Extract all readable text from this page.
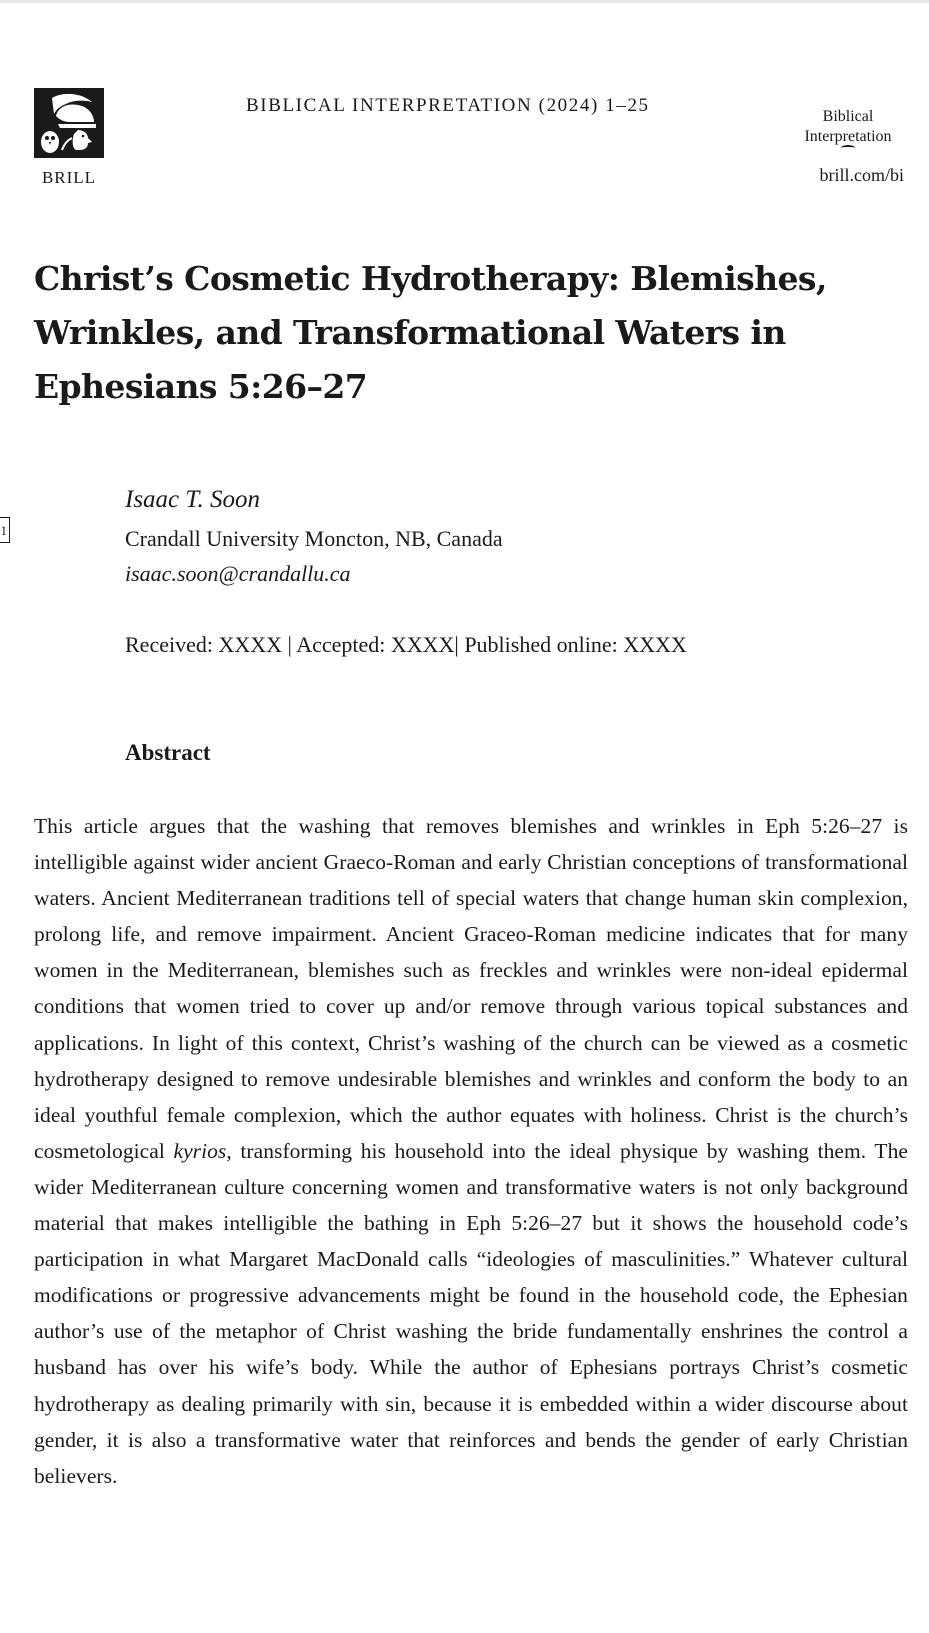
BRILL
BIBLICAL INTERPRETATION (2024) 1–25
Biblical
Interpretation
brill.com/bi
Christ’s Cosmetic Hydrotherapy: Blemishes, Wrinkles, and Transformational Waters in Ephesians 5:26–27
1
Isaac T. Soon
Crandall University Moncton, NB, Canada
isaac.soon@crandallu.ca
Received: XXXX | Accepted: XXXX| Published online: XXXX
Abstract

This article argues that the washing that removes blemishes and wrinkles in Eph 5:26–27 is intelligible against wider ancient Graeco-Roman and early Christian conceptions of transformational waters. Ancient Mediterranean traditions tell of special waters that change human skin complexion, prolong life, and remove impairment. Ancient Graceo-Roman medicine indicates that for many women in the Mediterranean, blemishes such as freckles and wrinkles were non-ideal epidermal conditions that women tried to cover up and/or remove through various topical substances and applications. In light of this context, Christ’s washing of the church can be viewed as a cosmetic hydrotherapy designed to remove undesirable blemishes and wrinkles and conform the body to an ideal youthful female complexion, which the author equates with holiness. Christ is the church’s cosmetological kyrios, transforming his household into the ideal physique by washing them. The wider Mediterranean culture concerning women and transformative waters is not only background material that makes intelligible the bathing in Eph 5:26–27 but it shows the household code’s participation in what Margaret MacDonald calls “ideologies of masculinities.” Whatever cultural modifications or progressive advancements might be found in the household code, the Ephesian author’s use of the metaphor of Christ washing the bride fundamentally enshrines the control a husband has over his wife’s body. While the author of Ephesians portrays Christ’s cosmetic hydrotherapy as dealing primarily with sin, because it is embedded within a wider discourse about gender, it is also a transformative water that reinforces and bends the gender of early Christian believers.
